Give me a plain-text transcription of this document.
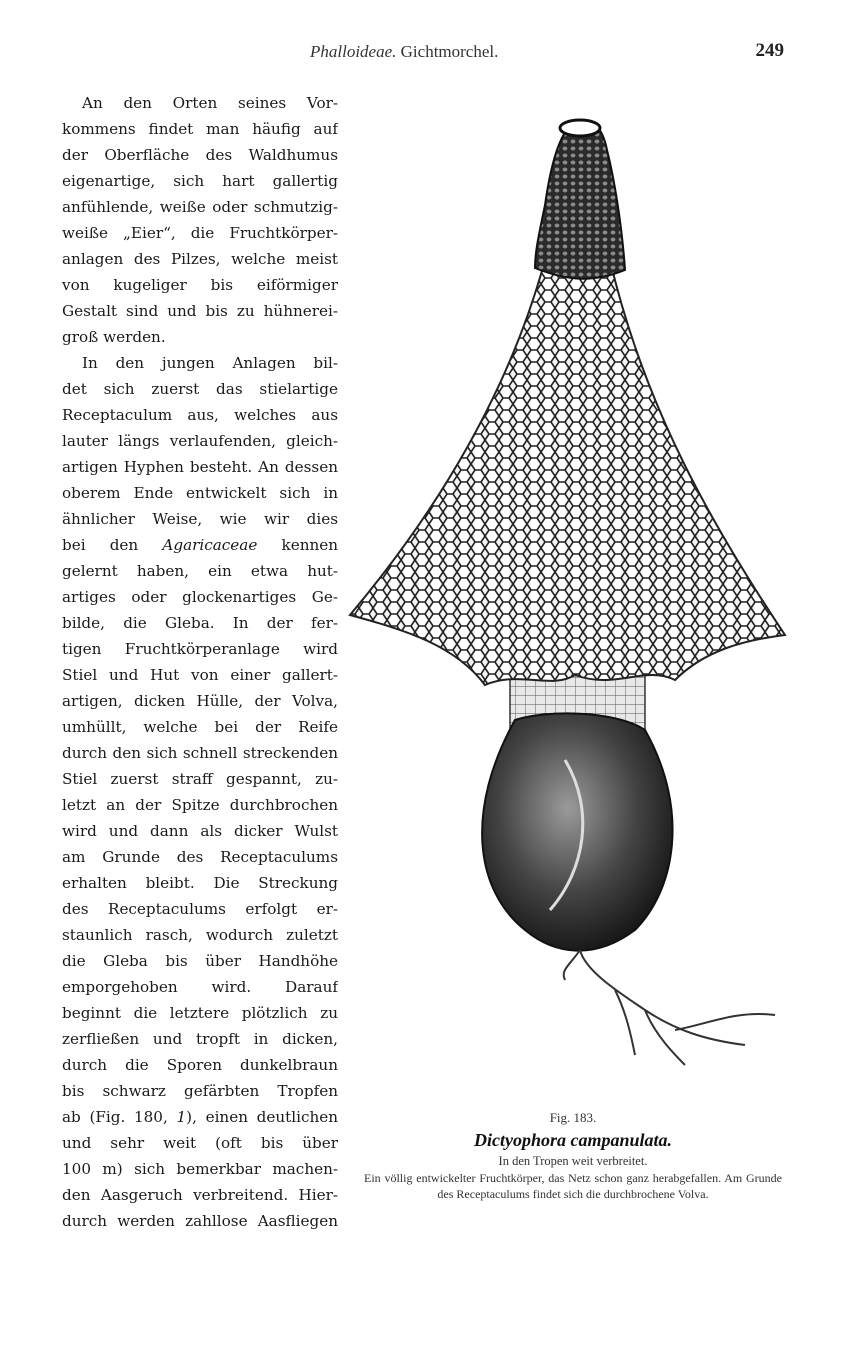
Phalloideae. Gichtmorchel.	249
An den Orten seines Vor-
kommens findet man häufig auf
der Oberfläche des Waldhumus
eigenartige, sich hart gallertig
anfühlende, weiße oder schmutzig-
weiße „Eier“, die Fruchtkörper-
anlagen des Pilzes, welche meist
von kugeliger bis eiförmiger
Gestalt sind und bis zu hühnerei-
groß werden.
In den jungen Anlagen bil-
det sich zuerst das stielartige
Receptaculum aus, welches aus
lauter längs verlaufenden, gleich-
artigen Hyphen besteht. An dessen
oberem Ende entwickelt sich in
ähnlicher Weise, wie wir dies
bei den Agaricaceae kennen
gelernt haben, ein etwa hut-
artiges oder glockenartiges Ge-
bilde, die Gleba. In der fer-
tigen Fruchtkörperanlage wird
Stiel und Hut von einer gallert-
artigen, dicken Hülle, der Volva,
umhüllt, welche bei der Reife
durch den sich schnell streckenden
Stiel zuerst straff gespannt, zu-
letzt an der Spitze durchbrochen
wird und dann als dicker Wulst
am Grunde des Receptaculums
erhalten bleibt. Die Streckung
des Receptaculums erfolgt er-
staunlich rasch, wodurch zuletzt
die Gleba bis über Handhöhe
emporgehoben wird. Darauf
beginnt die letztere plötzlich zu
zerfließen und tropft in dicken,
durch die Sporen dunkelbraun
bis schwarz gefärbten Tropfen
ab (Fig. 180, 1), einen deutlichen
und sehr weit (oft bis über
100 m) sich bemerkbar machen-
den Aasgeruch verbreitend. Hier-
durch werden zahllose Aasfliegen
Fig. 183.
Dictyophora campanulata.
In den Tropen weit verbreitet.
Ein völlig entwickelter Fruchtkörper, das Netz schon ganz herabgefallen. Am Grunde des Receptaculums findet sich die durchbrochene Volva.
